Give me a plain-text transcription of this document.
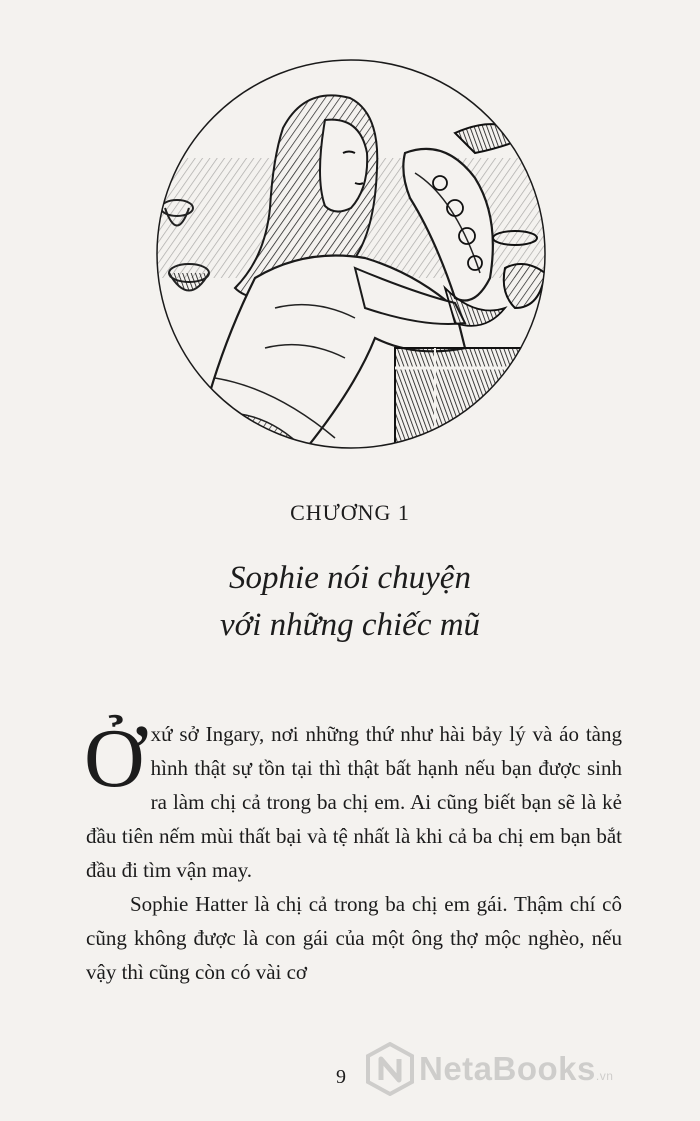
CHƯƠNG 1
Sophie nói chuyện
với những chiếc mũ

Ởxứ sở Ingary, nơi những thứ như hài bảy lý và áo tàng hình thật sự tồn tại thì thật bất hạnh nếu bạn được sinh ra làm chị cả trong ba chị em. Ai cũng biết bạn sẽ là kẻ đầu tiên nếm mùi thất bại và tệ nhất là khi cả ba chị em bạn bắt đầu đi tìm vận may.

Sophie Hatter là chị cả trong ba chị em gái. Thậm chí cô cũng không được là con gái của một ông thợ mộc nghèo, nếu vậy thì cũng còn có vài cơ

9 NetaBooks.vn
